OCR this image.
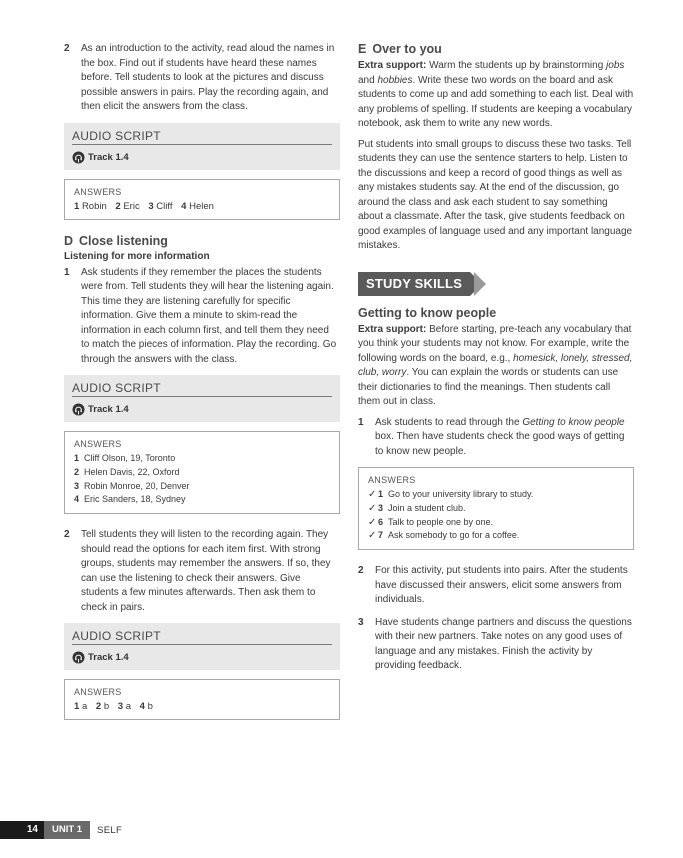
2	As an introduction to the activity, read aloud the names in the box. Find out if students have heard these names before. Tell students to look at the pictures and discuss possible answers in pairs. Play the recording again, and then elicit the answers from the class.
AUDIO SCRIPT
Track 1.4
ANSWERS
1 Robin 2 Eric 3 Cliff 4 Helen
D Close listening
Listening for more information
1	Ask students if they remember the places the students were from. Tell students they will hear the listening again. This time they are listening carefully for specific information. Give them a minute to skim-read the information in each column first, and tell them they need to match the pieces of information. Play the recording. Go through the answers with the class.
AUDIO SCRIPT
Track 1.4
ANSWERS
1 Cliff Olson, 19, Toronto
2 Helen Davis, 22, Oxford
3 Robin Monroe, 20, Denver
4 Eric Sanders, 18, Sydney
2	Tell students they will listen to the recording again. They should read the options for each item first. With strong groups, students may remember the answers. If so, they can use the listening to check their answers. Give students a few minutes afterwards. Then ask them to check in pairs.
AUDIO SCRIPT
Track 1.4
ANSWERS
1 a 2 b 3 a 4 b
E Over to you

Extra support: Warm the students up by brainstorming jobs and hobbies. Write these two words on the board and ask students to come up and add something to each list. Deal with any problems of spelling. If students are keeping a vocabulary notebook, ask them to write any new words.

Put students into small groups to discuss these two tasks. Tell students they can use the sentence starters to help. Listen to the discussions and keep a record of good things as well as any mistakes students say. At the end of the discussion, go around the class and ask each student to say something about a classmate. After the task, give students feedback on good examples of language used and any important language mistakes.

STUDY SKILLS
Getting to know people

Extra support: Before starting, pre-teach any vocabulary that you think your students may not know. For example, write the following words on the board, e.g., homesick, lonely, stressed, club, worry. You can explain the words or students can use their dictionaries to find the meanings. Then students call them out in class.

1	Ask students to read through the Getting to know people box. Then have students check the good ways of getting to know new people.
ANSWERS
✓ 1 Go to your university library to study.
✓ 3 Join a student club.
✓ 6 Talk to people one by one.
✓ 7 Ask somebody to go for a coffee.
2	For this activity, put students into pairs. After the students have discussed their answers, elicit some answers from individuals.
3	Have students change partners and discuss the questions with their new partners. Take notes on any good uses of language and any mistakes. Finish the activity by providing feedback.
14	UNIT 1	SELF
